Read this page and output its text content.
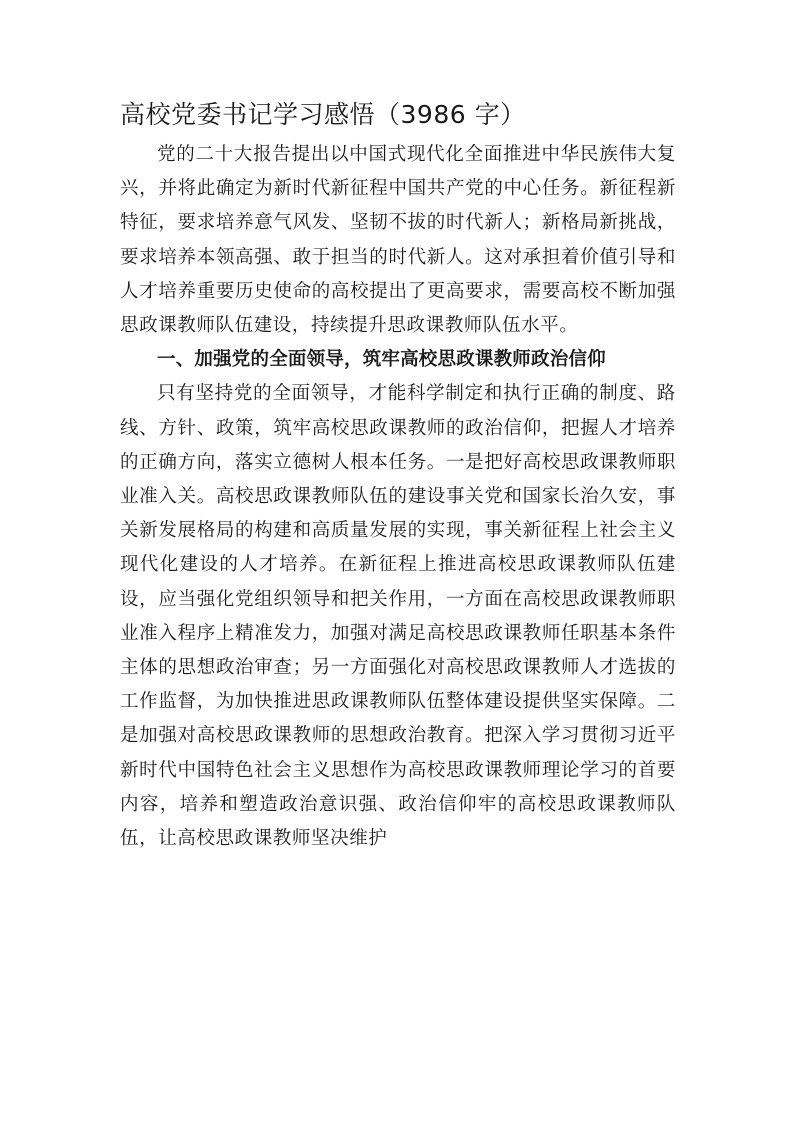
高校党委书记学习感悟（3986 字）

党的二十大报告提出以中国式现代化全面推进中华民族伟大复兴，并将此确定为新时代新征程中国共产党的中心任务。新征程新特征，要求培养意气风发、坚韧不拔的时代新人；新格局新挑战，要求培养本领高强、敢于担当的时代新人。这对承担着价值引导和人才培养重要历史使命的高校提出了更高要求，需要高校不断加强思政课教师队伍建设，持续提升思政课教师队伍水平。

一、加强党的全面领导，筑牢高校思政课教师政治信仰

只有坚持党的全面领导，才能科学制定和执行正确的制度、路线、方针、政策，筑牢高校思政课教师的政治信仰，把握人才培养的正确方向，落实立德树人根本任务。一是把好高校思政课教师职业准入关。高校思政课教师队伍的建设事关党和国家长治久安，事关新发展格局的构建和高质量发展的实现，事关新征程上社会主义现代化建设的人才培养。在新征程上推进高校思政课教师队伍建设，应当强化党组织领导和把关作用，一方面在高校思政课教师职业准入程序上精准发力，加强对满足高校思政课教师任职基本条件主体的思想政治审查；另一方面强化对高校思政课教师人才选拔的工作监督，为加快推进思政课教师队伍整体建设提供坚实保障。二是加强对高校思政课教师的思想政治教育。把深入学习贯彻习近平新时代中国特色社会主义思想作为高校思政课教师理论学习的首要内容，培养和塑造政治意识强、政治信仰牢的高校思政课教师队伍，让高校思政课教师坚决维护
